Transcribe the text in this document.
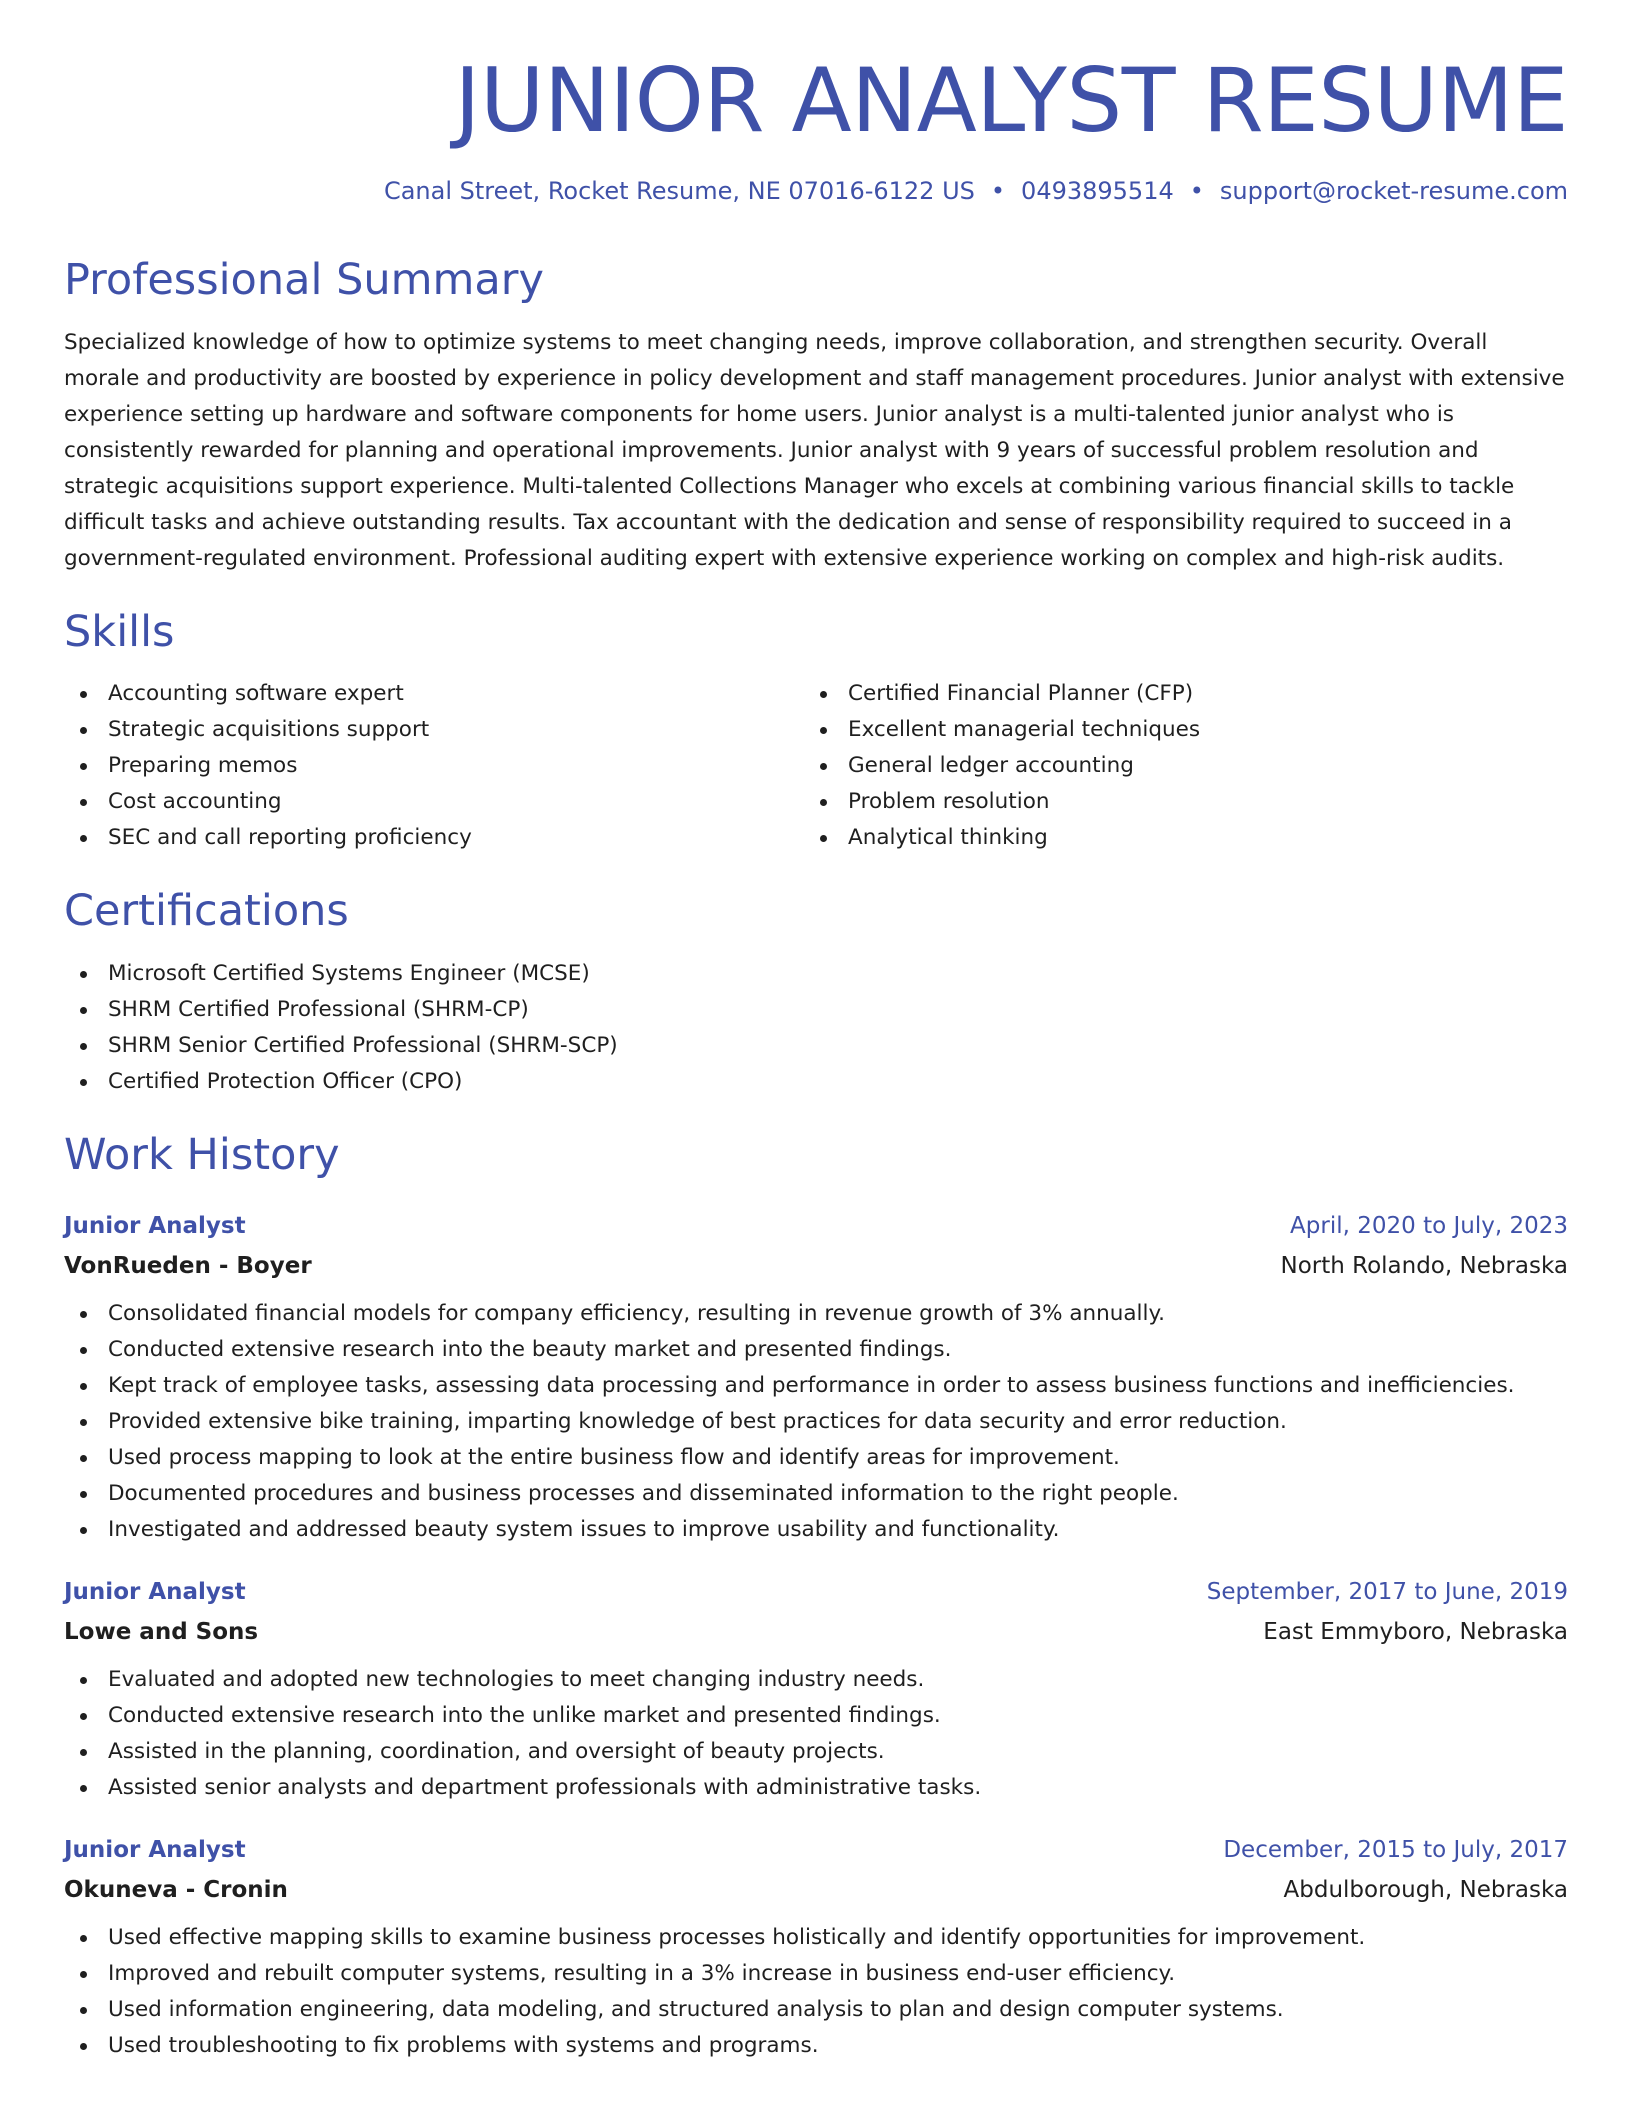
JUNIOR ANALYST RESUME
Canal Street, Rocket Resume, NE 07016-6122 US • 0493895514 • support@rocket-resume.com
Professional Summary

Specialized knowledge of how to optimize systems to meet changing needs, improve collaboration, and strengthen security. Overall morale and productivity are boosted by experience in policy development and staff management procedures. Junior analyst with extensive experience setting up hardware and software components for home users. Junior analyst is a multi-talented junior analyst who is consistently rewarded for planning and operational improvements. Junior analyst with 9 years of successful problem resolution and strategic acquisitions support experience. Multi-talented Collections Manager who excels at combining various financial skills to tackle difficult tasks and achieve outstanding results. Tax accountant with the dedication and sense of responsibility required to succeed in a government-regulated environment. Professional auditing expert with extensive experience working on complex and high-risk audits.

Skills
Accounting software expert
Strategic acquisitions support
Preparing memos
Cost accounting
SEC and call reporting proficiency
Certified Financial Planner (CFP)
Excellent managerial techniques
General ledger accounting
Problem resolution
Analytical thinking
Certifications
Microsoft Certified Systems Engineer (MCSE)
SHRM Certified Professional (SHRM-CP)
SHRM Senior Certified Professional (SHRM-SCP)
Certified Protection Officer (CPO)
Work History
Junior Analyst	April, 2020 to July, 2023
VonRueden - Boyer	North Rolando, Nebraska
Consolidated financial models for company efficiency, resulting in revenue growth of 3% annually.
Conducted extensive research into the beauty market and presented findings.
Kept track of employee tasks, assessing data processing and performance in order to assess business functions and inefficiencies.
Provided extensive bike training, imparting knowledge of best practices for data security and error reduction.
Used process mapping to look at the entire business flow and identify areas for improvement.
Documented procedures and business processes and disseminated information to the right people.
Investigated and addressed beauty system issues to improve usability and functionality.
Junior Analyst	September, 2017 to June, 2019
Lowe and Sons	East Emmyboro, Nebraska
Evaluated and adopted new technologies to meet changing industry needs.
Conducted extensive research into the unlike market and presented findings.
Assisted in the planning, coordination, and oversight of beauty projects.
Assisted senior analysts and department professionals with administrative tasks.
Junior Analyst	December, 2015 to July, 2017
Okuneva - Cronin	Abdulborough, Nebraska
Used effective mapping skills to examine business processes holistically and identify opportunities for improvement.
Improved and rebuilt computer systems, resulting in a 3% increase in business end-user efficiency.
Used information engineering, data modeling, and structured analysis to plan and design computer systems.
Used troubleshooting to fix problems with systems and programs.
